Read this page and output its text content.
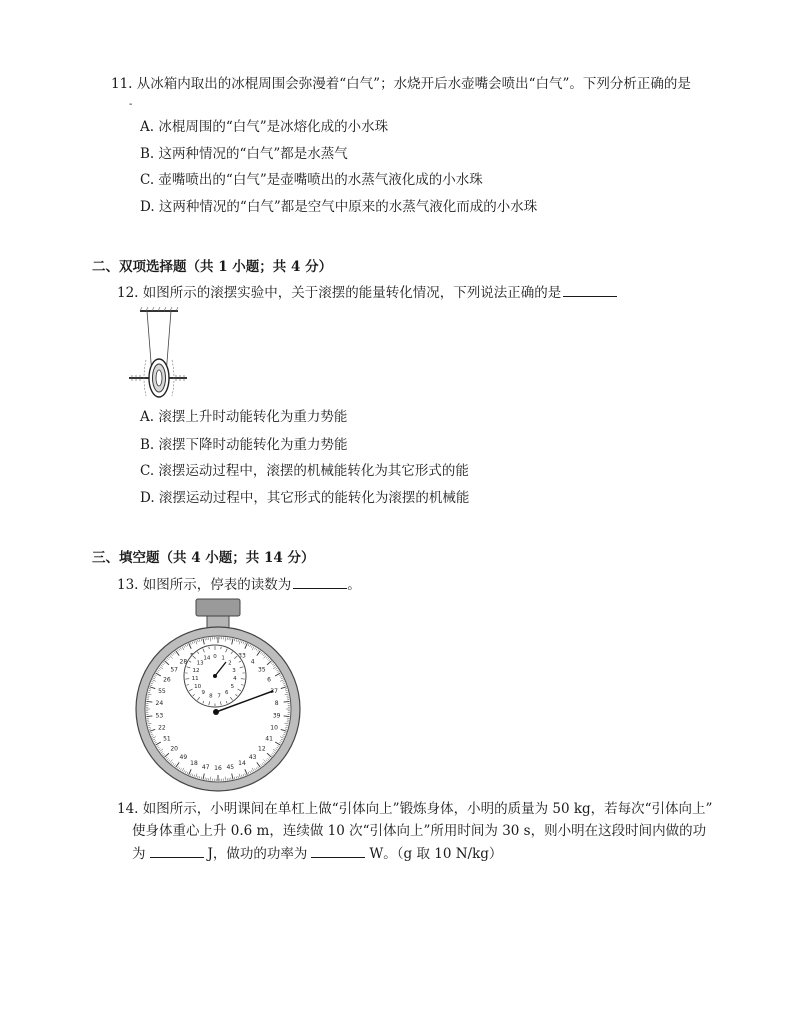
11. 从冰箱内取出的冰棍周围会弥漫着“白气”；水烧开后水壶嘴会喷出“白气”。下列分析正确的是
-
A. 冰棍周围的“白气”是冰熔化成的小水珠
B. 这两种情况的“白气”都是水蒸气
C. 壶嘴喷出的“白气”是壶嘴喷出的水蒸气液化成的小水珠
D. 这两种情况的“白气”都是空气中原来的水蒸气液化而成的小水珠
二、双项选择题（共 1 小题；共 4 分）
12. 如图所示的滚摆实验中，关于滚摆的能量转化情况，下列说法正确的是
A. 滚摆上升时动能转化为重力势能
B. 滚摆下降时动能转化为重力势能
C. 滚摆运动过程中，滚摆的机械能转化为其它形式的能
D. 滚摆运动过程中，其它形式的能转化为滚摆的机械能
三、填空题（共 4 小题；共 14 分）
13. 如图所示，停表的读数为	。
33
4
35
6
37
8
39
10
41
12
43
14
45
16
47
18
49
20
51
22
53
24
55
26
57
28
0 1
2
3
4
5
6
7
8
9
10
11
12
13
14
14. 如图所示，小明课间在单杠上做“引体向上”锻炼身体，小明的质量为 50 kg，若每次“引体向上”
使身体重心上升 0.6 m，连续做 10 次“引体向上”所用时间为 30 s，则小明在这段时间内做的功
为	J，做功的功率为	W。（g 取 10 N/kg）
